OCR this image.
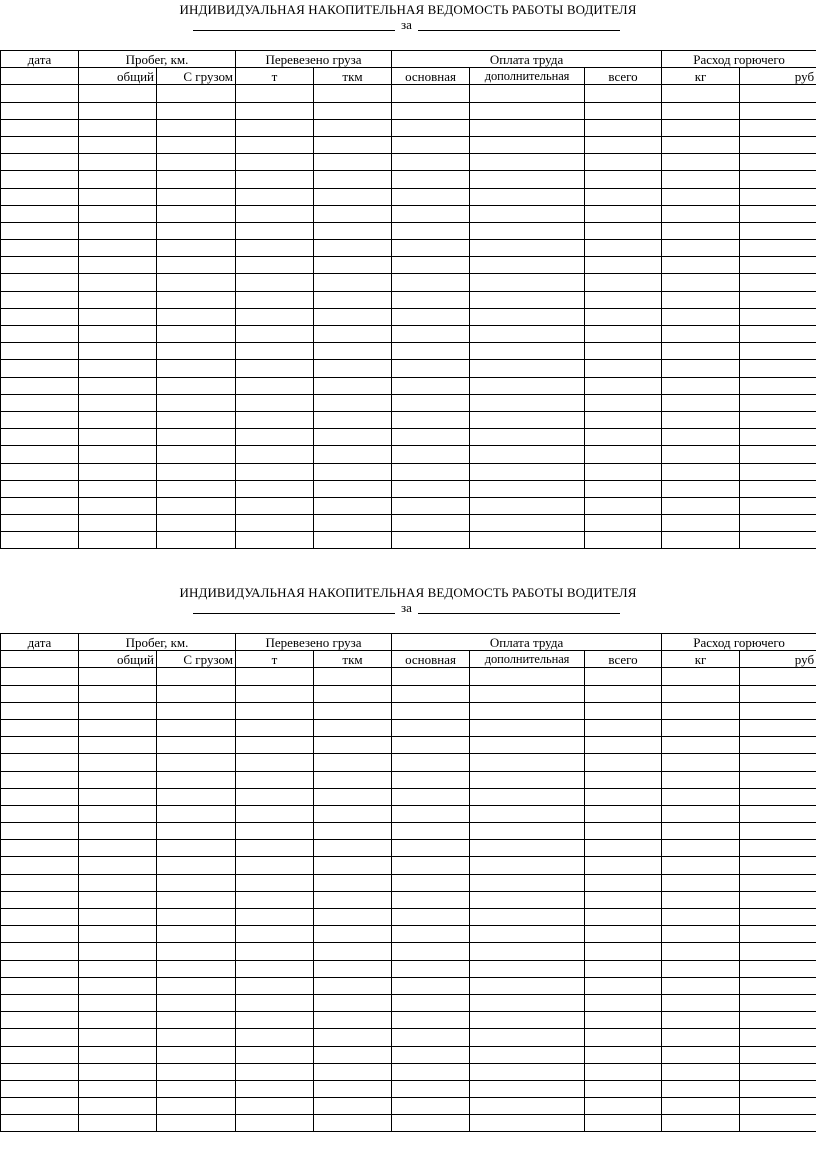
ИНДИВИДУАЛЬНАЯ НАКОПИТЕЛЬНАЯ ВЕДОМОСТЬ РАБОТЫ ВОДИТЕЛЯ
за
дата	Пробег, км.		Перевезено груза		Оплата труда			Расход горючего	
	общий	С грузом	т	ткм	основная	дополнительная	всего	кг	руб

ИНДИВИДУАЛЬНАЯ НАКОПИТЕЛЬНАЯ ВЕДОМОСТЬ РАБОТЫ ВОДИТЕЛЯ
за
дата	Пробег, км.		Перевезено груза		Оплата труда			Расход горючего	
	общий	С грузом	т	ткм	основная	дополнительная	всего	кг	руб
